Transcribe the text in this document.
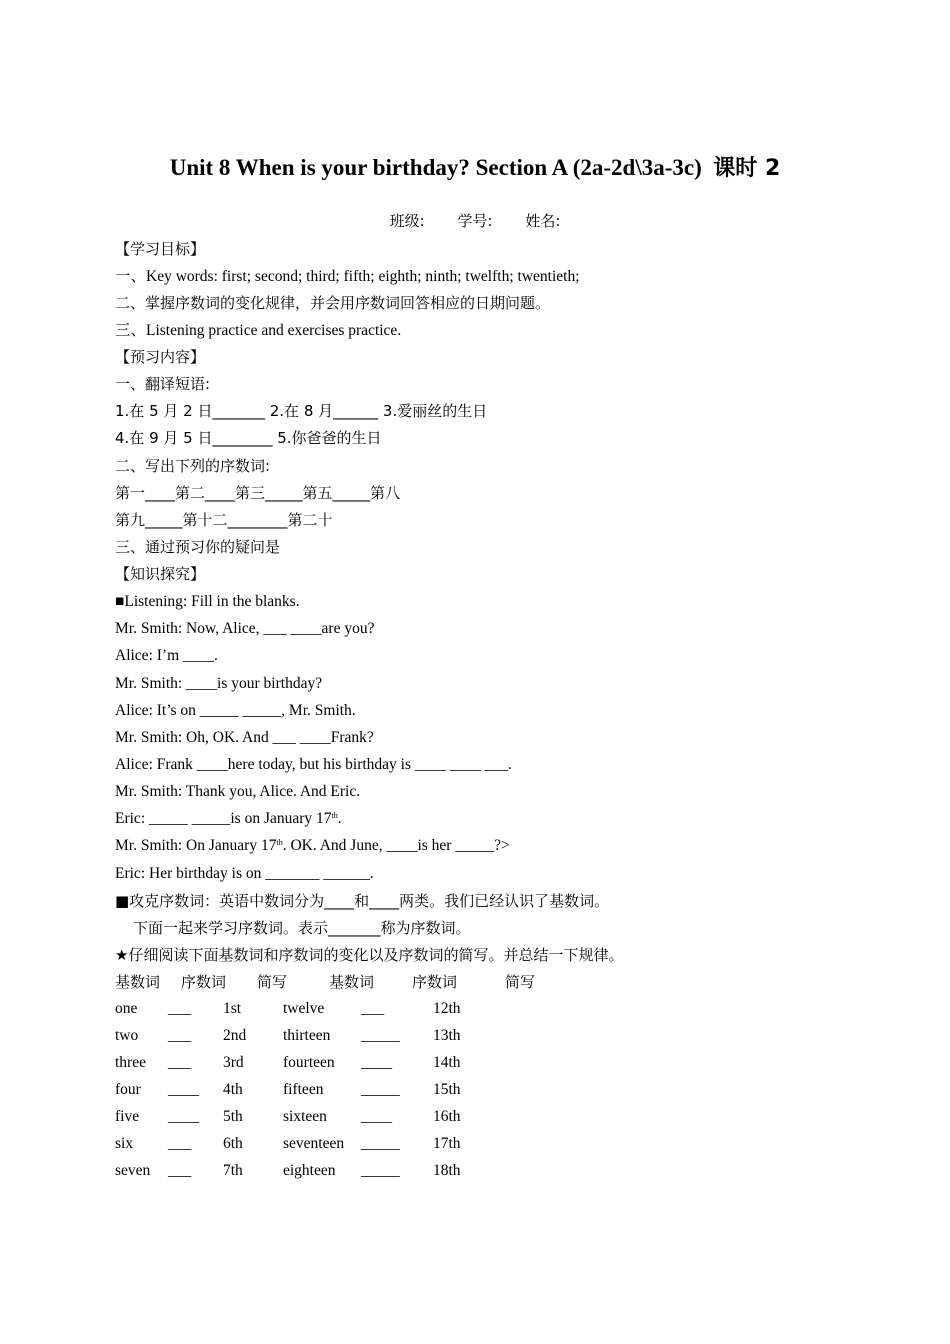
Unit 8 When is your birthday? Section A (2a-2d\3a-3c) 课时 2
班级: 学号: 姓名:
【学习目标】
一、Key words: first; second; third; fifth; eighth; ninth; twelfth; twentieth;
二、掌握序数词的变化规律，并会用序数词回答相应的日期问题。
三、Listening practice and exercises practice.
【预习内容】
一、翻译短语:
1.在 5 月 2 日_______ 2.在 8 月______ 3.爱丽丝的生日
4.在 9 月 5 日________ 5.你爸爸的生日
二、写出下列的序数词:
第一____第二____第三_____第五_____第八
第九_____第十二________第二十
三、通过预习你的疑问是
【知识探究】
■Listening: Fill in the blanks.
Mr. Smith: Now, Alice, ___ ____are you?
Alice: I’m ____.
Mr. Smith: ____is your birthday?
Alice: It’s on _____ _____, Mr. Smith.
Mr. Smith: Oh, OK. And ___ ____Frank?
Alice: Frank ____here today, but his birthday is ____ ____ ___.
Mr. Smith: Thank you, Alice. And Eric.
Eric: _____ _____is on January 17th.
Mr. Smith: On January 17th. OK. And June, ____is her _____?>
Eric: Her birthday is on _______ ______.
■攻克序数词：英语中数词分为____和____两类。我们已经认识了基数词。
下面一起来学习序数词。表示_______称为序数词。
★仔细阅读下面基数词和序数词的变化以及序数词的简写。并总结一下规律。
基数词 序数词 简写	基数词	序数词	简写
one ___ 1st	twelve ___	12th
two ___ 2nd thirteen _____ 13th
three ___ 3rd	fourteen ____	14th
four ____ 4th	fifteen _____ 15th
five ____ 5th	sixteen ____	16th
six ___ 6th	seventeen _____ 17th
seven ___ 7th	eighteen _____ 18th
